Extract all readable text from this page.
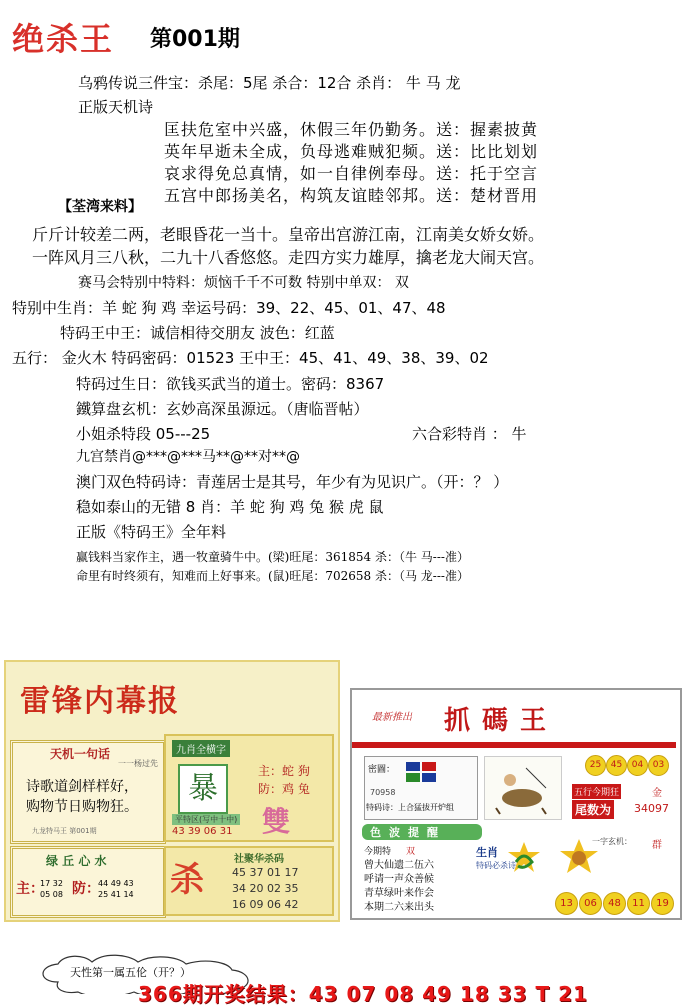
绝杀王 第001期
乌鸦传说三件宝：杀尾：5尾 杀合：12合 杀肖： 牛 马 龙
正版天机诗
匡扶危室中兴盛，休假三年仍勤务。送：握素披黄
英年早逝未全成，负母逃难贼犯频。送：比比划划
哀求得免总真情，如一自律例奉母。送：托于空言
五宫中郎扬美名，构筑友谊睦邻邦。送：楚材晋用
【荃湾来料】
斤斤计较差二两，老眼昏花一当十。皇帝出宫游江南，江南美女娇女娇。
一阵风月三八秋，二九十八香悠悠。走四方实力雄厚，擒老龙大闹天宫。
赛马会特别中特料：烦恼千千不可数 特别中单双： 双
特别中生肖：羊 蛇 狗 鸡 幸运号码：39、22、45、01、47、48
特码王中王：诚信相待交朋友 波色：红蓝
五行： 金火木 特码密码：01523 王中王：45、41、49、38、39、02
特码过生日：欲钱买武当的道士。密码：8367
鐵算盘玄机：玄妙高深虽源远。（唐临晋帖）
小姐杀特段 05---25	六合彩特肖 ： 牛
九宫禁肖@***@***马**@**对**@
澳门双色特码诗：青莲居士是其号，年少有为见识广。（开：？ ）
稳如泰山的无错 8 肖：羊 蛇 狗 鸡 兔 猴 虎 鼠
正版《特码王》全年料
赢钱料当家作主，遇一牧童骑牛中。(梁)旺尾：361854 杀：（牛 马---准）
命里有时终须有，知难而上好事来。(鼠)旺尾：702658 杀：（马 龙---准）
雷锋内幕报
天机一句话
一一杨过先
诗歌道剑样样好，
购物节日购物狂。
九龙特马王 第001期
九肖全横字
暴	主：蛇 狗
防：鸡 兔
平特区(写中十中)
43 39 06 31 雙
绿 丘 心 水
主： 防：
17 32
05 08
44 49 43
25 41 14 杀
社聚华杀码
45 37 01 17
34 20 02 35
16 09 06 42
最新推出 抓碼王
密圖：
70958
特码诗：上合猛拔开炉组
25	45	04	03
五行今期狂	金
尾数为 34097
一字玄机： 群
色波提醒
今期特 双
曾大仙遗二伍六
呼请一声众善候
青草绿叶来作会
本期二六来出头
生肖
特码必杀诗
13	06	48	11	19
天性第一属五伦（开？）
366期开奖结果：43 07 08 49 18 33 T 21
